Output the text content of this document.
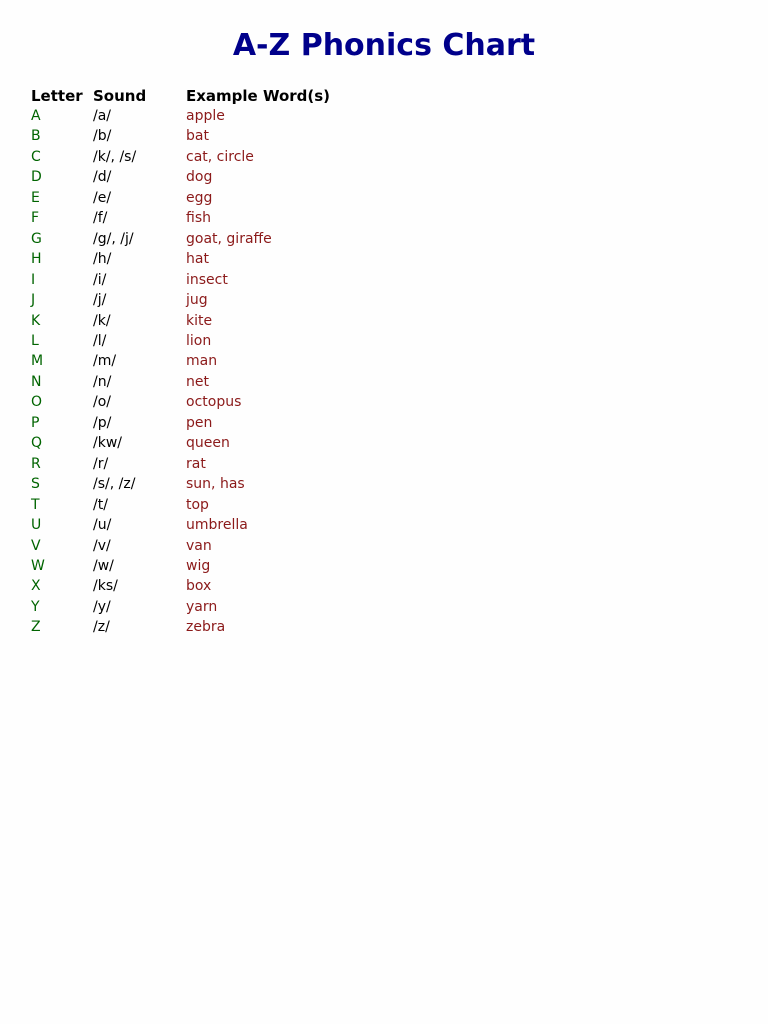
A-Z Phonics Chart
Letter	Sound	Example Word(s)
A	/a/	apple
B	/b/	bat
C	/k/, /s/	cat, circle
D	/d/	dog
E	/e/	egg
F	/f/	fish
G	/g/, /j/	goat, giraffe
H	/h/	hat
I	/i/	insect
J	/j/	jug
K	/k/	kite
L	/l/	lion
M	/m/	man
N	/n/	net
O	/o/	octopus
P	/p/	pen
Q	/kw/	queen
R	/r/	rat
S	/s/, /z/	sun, has
T	/t/	top
U	/u/	umbrella
V	/v/	van
W	/w/	wig
X	/ks/	box
Y	/y/	yarn
Z	/z/	zebra
